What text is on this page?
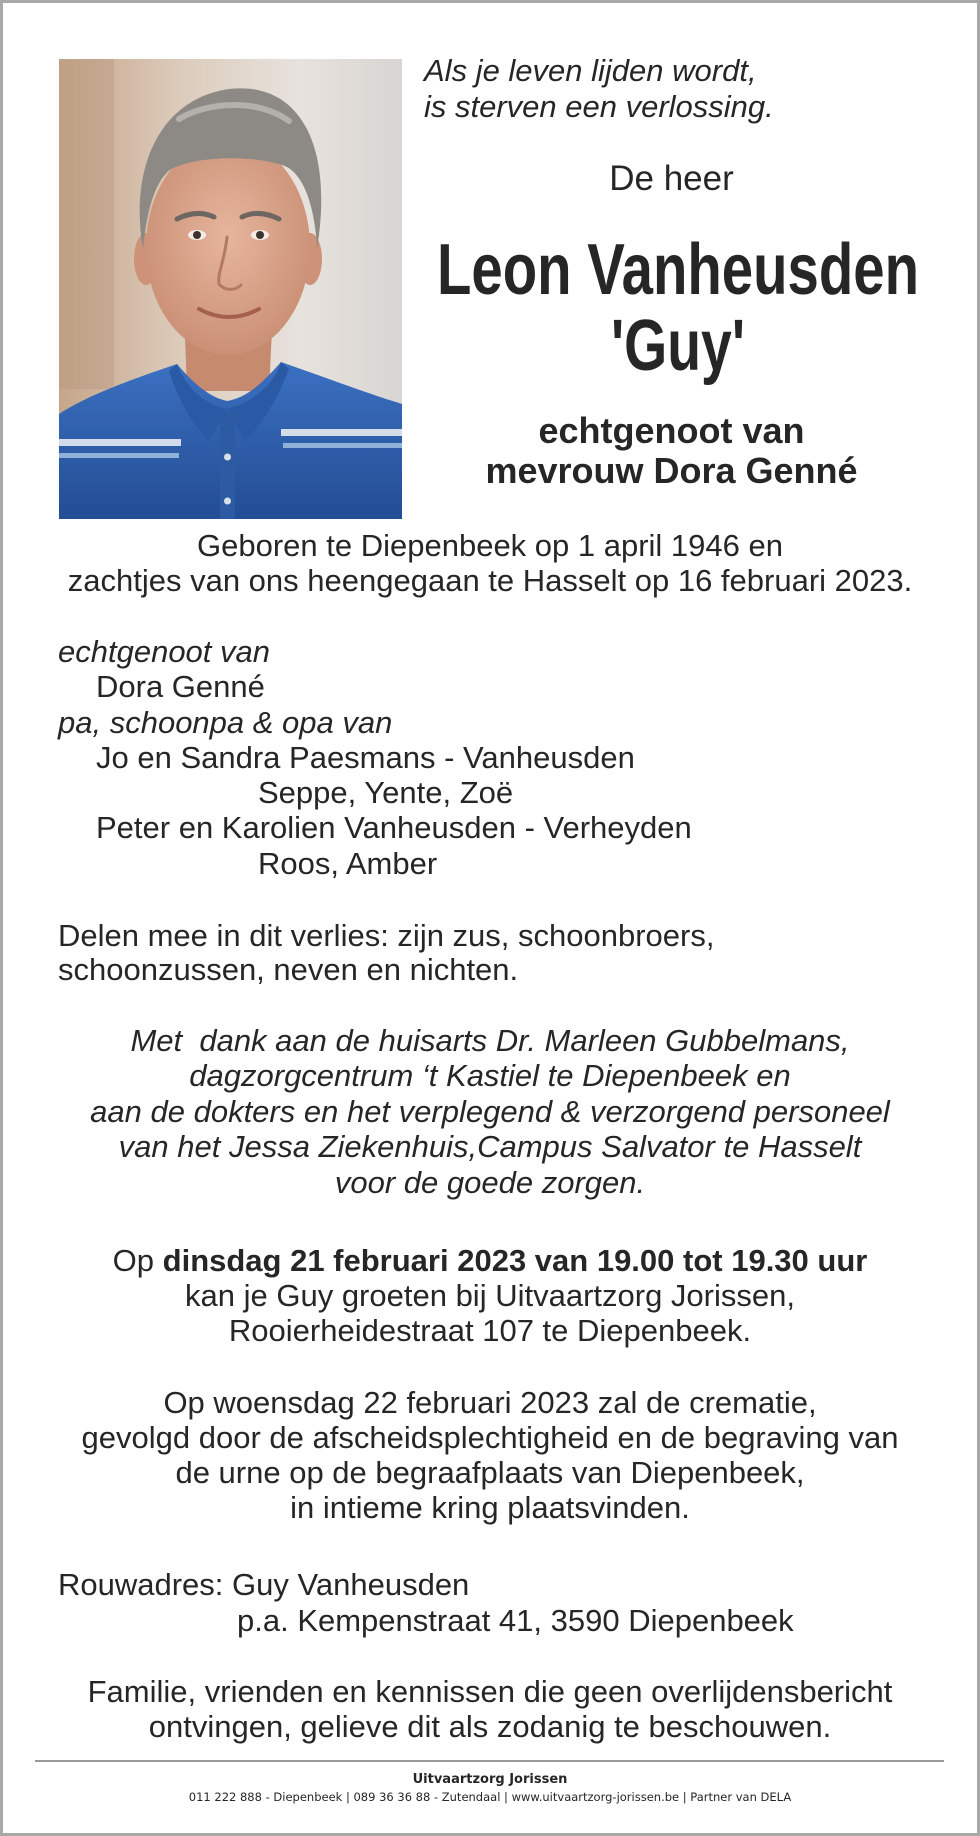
Als je leven lijden wordt,
is sterven een verlossing.
De heer
Leon Vanheusden
'Guy'
echtgenoot van
mevrouw Dora Genné
Geboren te Diepenbeek op 1 april 1946 en
zachtjes van ons heengegaan te Hasselt op 16 februari 2023.
echtgenoot van
Dora Genné
pa, schoonpa & opa van
Jo en Sandra Paesmans - Vanheusden
Seppe, Yente, Zoë
Peter en Karolien Vanheusden - Verheyden
Roos, Amber
Delen mee in dit verlies: zijn zus, schoonbroers,
schoonzussen, neven en nichten.
Met  dank aan de huisarts Dr. Marleen Gubbelmans,
dagzorgcentrum ‘t Kastiel te Diepenbeek en
aan de dokters en het verplegend & verzorgend personeel
van het Jessa Ziekenhuis,Campus Salvator te Hasselt
voor de goede zorgen.
Op dinsdag 21 februari 2023 van 19.00 tot 19.30 uur
kan je Guy groeten bij Uitvaartzorg Jorissen,
Rooierheidestraat 107 te Diepenbeek.
Op woensdag 22 februari 2023 zal de crematie,
gevolgd door de afscheidsplechtigheid en de begraving van
de urne op de begraafplaats van Diepenbeek,
in intieme kring plaatsvinden.
Rouwadres: Guy Vanheusden
p.a. Kempenstraat 41, 3590 Diepenbeek
Familie, vrienden en kennissen die geen overlijdensbericht
ontvingen, gelieve dit als zodanig te beschouwen.
Uitvaartzorg Jorissen
011 222 888 - Diepenbeek | 089 36 36 88 - Zutendaal | www.uitvaartzorg-jorissen.be | Partner van DELA
